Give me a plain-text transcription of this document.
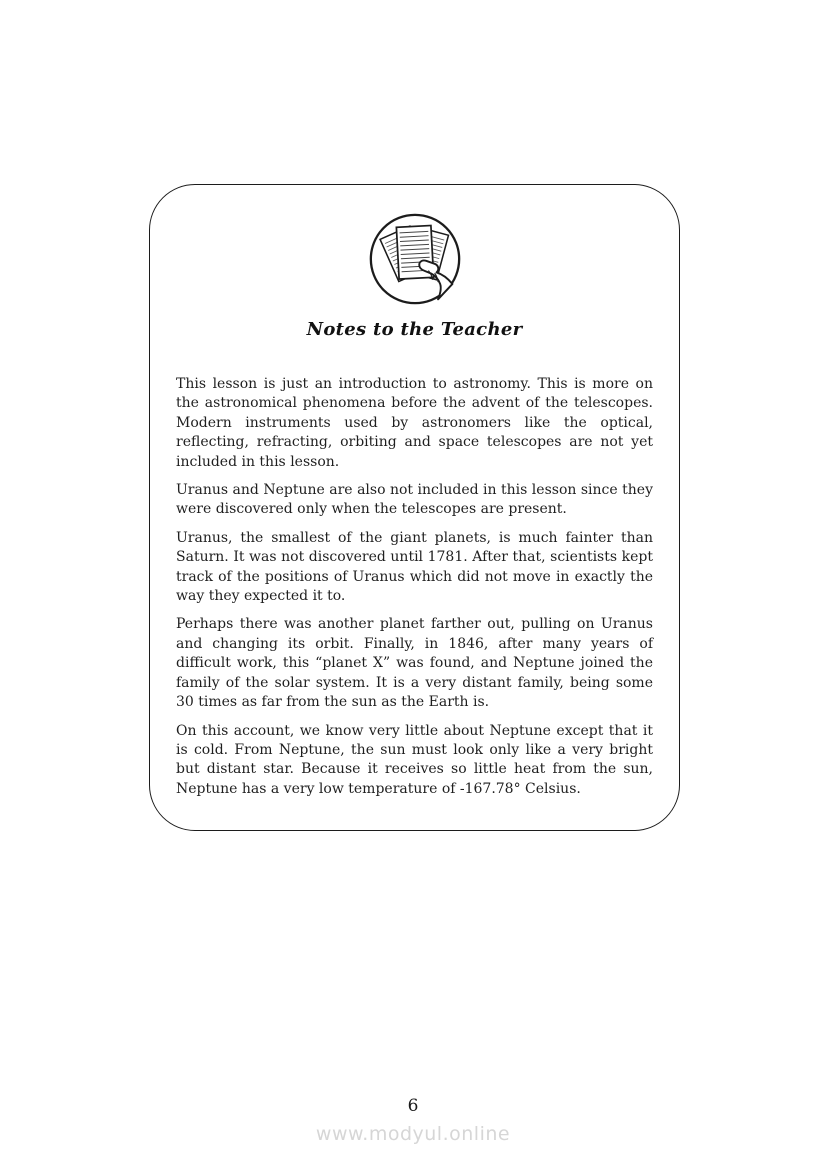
Notes to the Teacher

This lesson is just an introduction to astronomy. This is more on the astronomical phenomena before the advent of the telescopes. Modern instruments used by astronomers like the optical, reflecting, refracting, orbiting and space telescopes are not yet included in this lesson.

Uranus and Neptune are also not included in this lesson since they were discovered only when the telescopes are present.

Uranus, the smallest of the giant planets, is much fainter than Saturn. It was not discovered until 1781. After that, scientists kept track of the positions of Uranus which did not move in exactly the way they expected it to.

Perhaps there was another planet farther out, pulling on Uranus and changing its orbit. Finally, in 1846, after many years of difficult work, this “planet X” was found, and Neptune joined the family of the solar system. It is a very distant family, being some 30 times as far from the sun as the Earth is.

On this account, we know very little about Neptune except that it is cold. From Neptune, the sun must look only like a very bright but distant star. Because it receives so little heat from the sun, Neptune has a very low temperature of -167.78° Celsius.

6
www.modyul.online
